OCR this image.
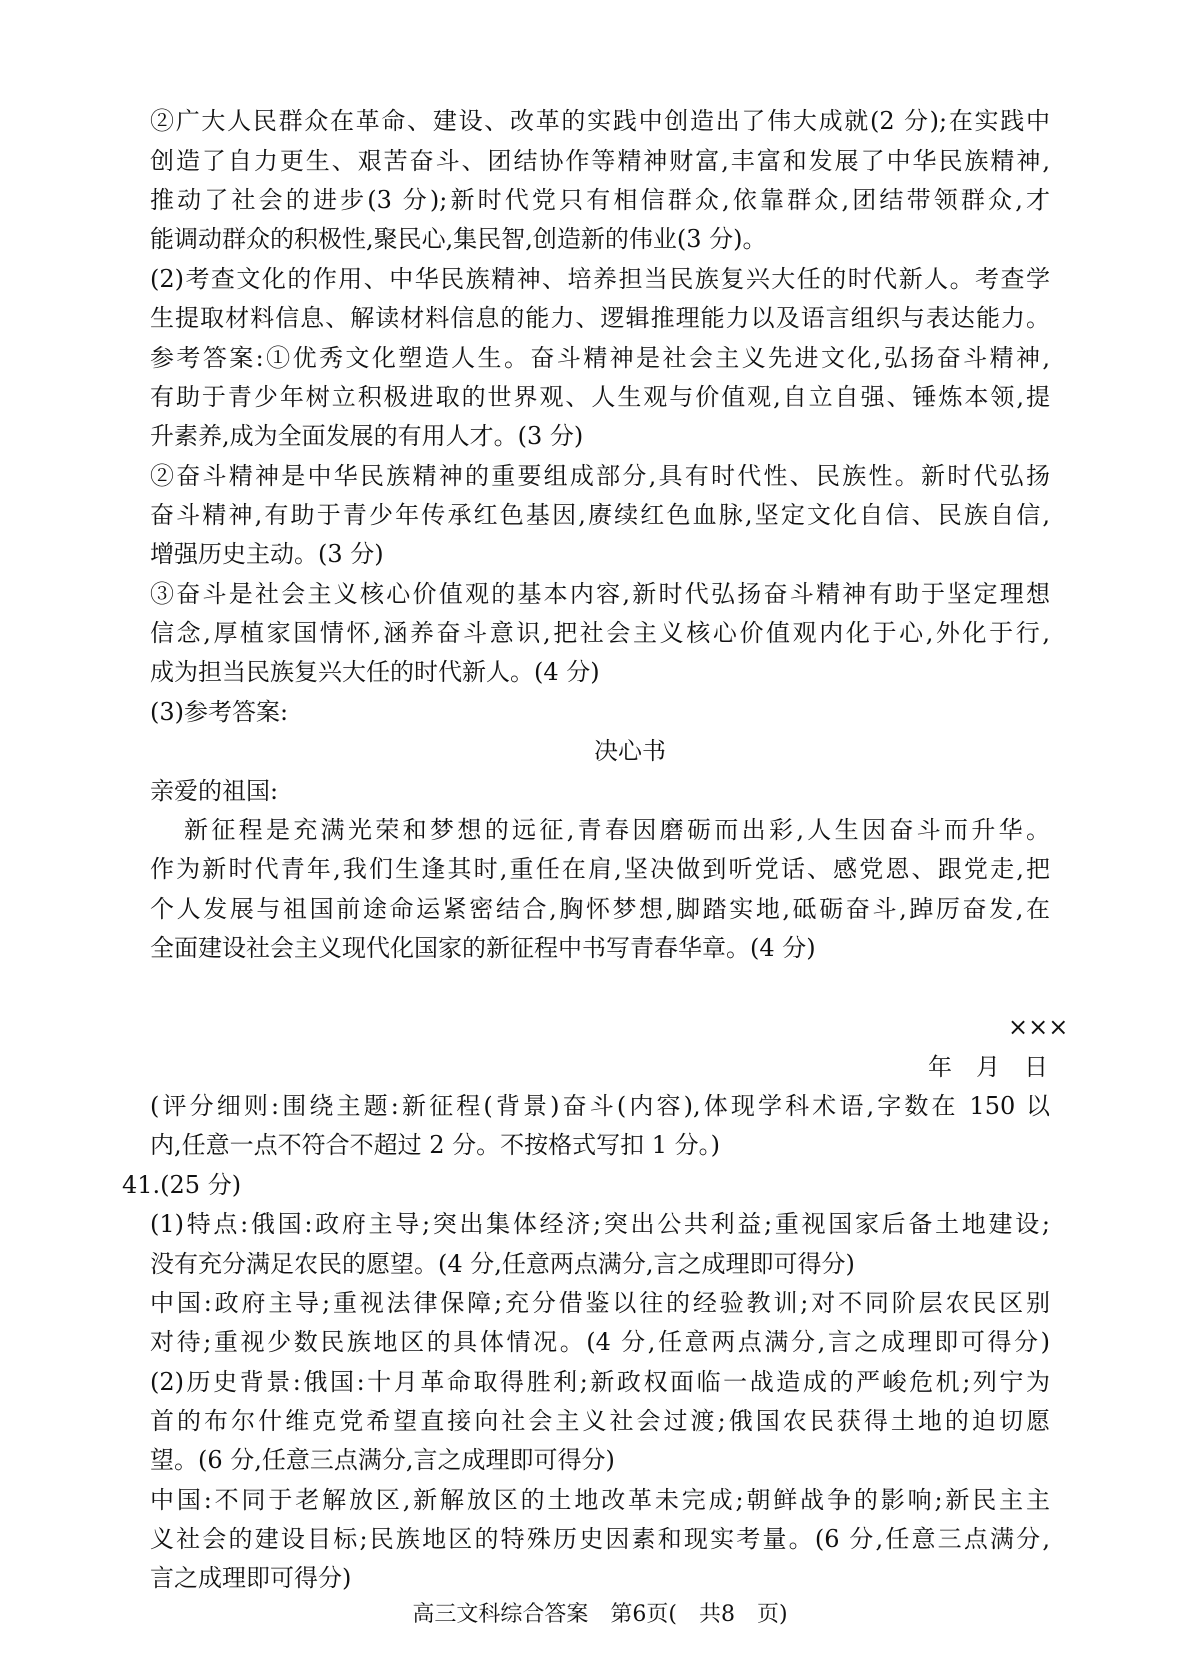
②广大人民群众在革命、建设、改革的实践中创造出了伟大成就(2 分);在实践中
创造了自力更生、艰苦奋斗、团结协作等精神财富,丰富和发展了中华民族精神,
推动了社会的进步(3 分);新时代党只有相信群众,依靠群众,团结带领群众,才
能调动群众的积极性,聚民心,集民智,创造新的伟业(3 分)。
(2)考查文化的作用、中华民族精神、培养担当民族复兴大任的时代新人。考查学
生提取材料信息、解读材料信息的能力、逻辑推理能力以及语言组织与表达能力。
参考答案:①优秀文化塑造人生。奋斗精神是社会主义先进文化,弘扬奋斗精神,
有助于青少年树立积极进取的世界观、人生观与价值观,自立自强、锤炼本领,提
升素养,成为全面发展的有用人才。(3 分)
②奋斗精神是中华民族精神的重要组成部分,具有时代性、民族性。新时代弘扬
奋斗精神,有助于青少年传承红色基因,赓续红色血脉,坚定文化自信、民族自信,
增强历史主动。(3 分)
③奋斗是社会主义核心价值观的基本内容,新时代弘扬奋斗精神有助于坚定理想
信念,厚植家国情怀,涵养奋斗意识,把社会主义核心价值观内化于心,外化于行,
成为担当民族复兴大任的时代新人。(4 分)
(3)参考答案:
决心书
亲爱的祖国:
新征程是充满光荣和梦想的远征,青春因磨砺而出彩,人生因奋斗而升华。
作为新时代青年,我们生逢其时,重任在肩,坚决做到听党话、感党恩、跟党走,把
个人发展与祖国前途命运紧密结合,胸怀梦想,脚踏实地,砥砺奋斗,踔厉奋发,在
全面建设社会主义现代化国家的新征程中书写青春华章。(4 分)
×××
年　月　日
(评分细则:围绕主题:新征程(背景)奋斗(内容),体现学科术语,字数在 150 以
内,任意一点不符合不超过 2 分。不按格式写扣 1 分。)
41.(25 分)
(1)特点:俄国:政府主导;突出集体经济;突出公共利益;重视国家后备土地建设;
没有充分满足农民的愿望。(4 分,任意两点满分,言之成理即可得分)
中国:政府主导;重视法律保障;充分借鉴以往的经验教训;对不同阶层农民区别
对待;重视少数民族地区的具体情况。(4 分,任意两点满分,言之成理即可得分)
(2)历史背景:俄国:十月革命取得胜利;新政权面临一战造成的严峻危机;列宁为
首的布尔什维克党希望直接向社会主义社会过渡;俄国农民获得土地的迫切愿
望。(6 分,任意三点满分,言之成理即可得分)
中国:不同于老解放区,新解放区的土地改革未完成;朝鲜战争的影响;新民主主
义社会的建设目标;民族地区的特殊历史因素和现实考量。(6 分,任意三点满分,
言之成理即可得分)
高三文科综合答案　第6页(　共8　页)
